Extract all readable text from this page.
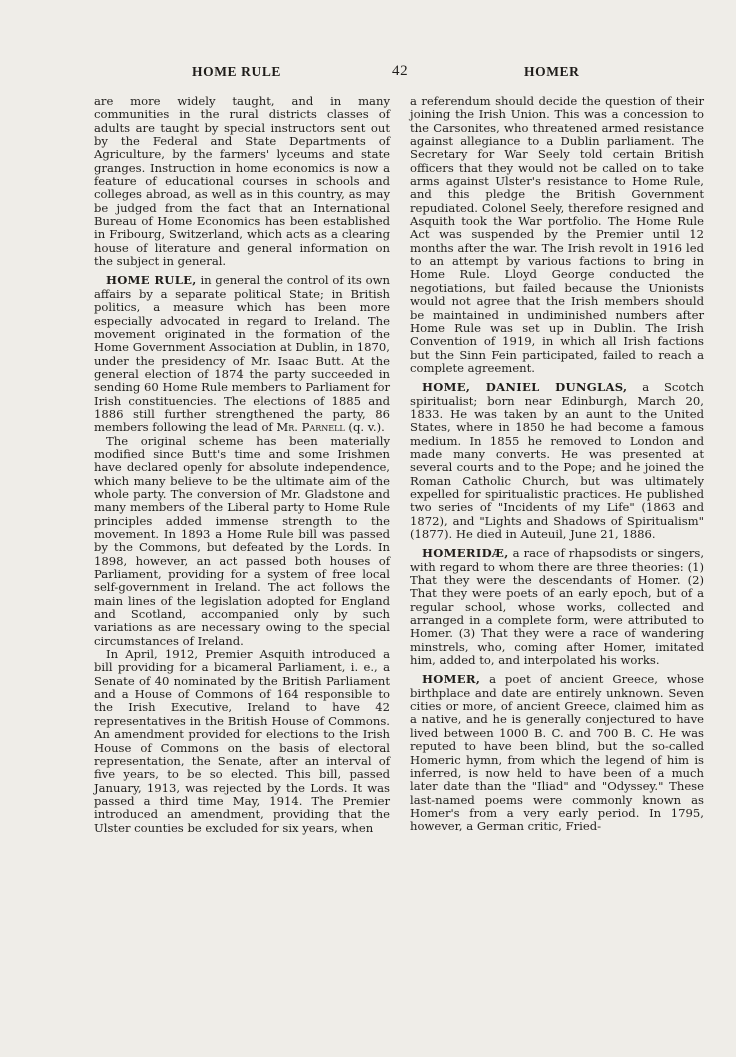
HOME RULE	42	HOMER

are more widely taught, and in many communities in the rural districts classes of adults are taught by special instructors sent out by the Federal and State Departments of Agriculture, by the farmers' lyceums and state granges. Instruction in home economics is now a feature of educational courses in schools and colleges abroad, as well as in this country, as may be judged from the fact that an International Bureau of Home Economics has been established in Fribourg, Switzerland, which acts as a clearing house of literature and general information on the subject in general.

HOME RULE, in general the control of its own affairs by a separate political State; in British politics, a measure which has been more especially advocated in regard to Ireland. The movement originated in the formation of the Home Government Association at Dublin, in 1870, under the presidency of Mr. Isaac Butt. At the general election of 1874 the party succeeded in sending 60 Home Rule members to Parliament for Irish constituencies. The elections of 1885 and 1886 still further strengthened the party, 86 members following the lead of Mr. Parnell (q. v.).

The original scheme has been materially modified since Butt's time and some Irishmen have declared openly for absolute independence, which many believe to be the ultimate aim of the whole party. The conversion of Mr. Gladstone and many members of the Liberal party to Home Rule principles added immense strength to the movement. In 1893 a Home Rule bill was passed by the Commons, but defeated by the Lords. In 1898, however, an act passed both houses of Parliament, providing for a system of free local self-government in Ireland. The act follows the main lines of the legislation adopted for England and Scotland, accompanied only by such variations as are necessary owing to the special circumstances of Ireland.

In April, 1912, Premier Asquith introduced a bill providing for a bicameral Parliament, i. e., a Senate of 40 nominated by the British Parliament and a House of Commons of 164 responsible to the Irish Executive, Ireland to have 42 representatives in the British House of Commons. An amendment provided for elections to the Irish House of Commons on the basis of electoral representation, the Senate, after an interval of five years, to be so elected. This bill, passed January, 1913, was rejected by the Lords. It was passed a third time May, 1914. The Premier introduced an amendment, providing that the Ulster counties be excluded for six years, when

a referendum should decide the question of their joining the Irish Union. This was a concession to the Carsonites, who threatened armed resistance against allegiance to a Dublin parliament. The Secretary for War Seely told certain British officers that they would not be called on to take arms against Ulster's resistance to Home Rule, and this pledge the British Government repudiated. Colonel Seely, therefore resigned and Asquith took the War portfolio. The Home Rule Act was suspended by the Premier until 12 months after the war. The Irish revolt in 1916 led to an attempt by various factions to bring in Home Rule. Lloyd George conducted the negotiations, but failed because the Unionists would not agree that the Irish members should be maintained in undiminished numbers after Home Rule was set up in Dublin. The Irish Convention of 1919, in which all Irish factions but the Sinn Fein participated, failed to reach a complete agreement.

HOME, DANIEL DUNGLAS, a Scotch spiritualist; born near Edinburgh, March 20, 1833. He was taken by an aunt to the United States, where in 1850 he had become a famous medium. In 1855 he removed to London and made many converts. He was presented at several courts and to the Pope; and he joined the Roman Catholic Church, but was ultimately expelled for spiritualistic practices. He published two series of "Incidents of my Life" (1863 and 1872), and "Lights and Shadows of Spiritualism" (1877). He died in Auteuil, June 21, 1886.

HOMERIDÆ, a race of rhapsodists or singers, with regard to whom there are three theories: (1) That they were the descendants of Homer. (2) That they were poets of an early epoch, but of a regular school, whose works, collected and arranged in a complete form, were attributed to Homer. (3) That they were a race of wandering minstrels, who, coming after Homer, imitated him, added to, and interpolated his works.

HOMER, a poet of ancient Greece, whose birthplace and date are entirely unknown. Seven cities or more, of ancient Greece, claimed him as a native, and he is generally conjectured to have lived between 1000 B. C. and 700 B. C. He was reputed to have been blind, but the so-called Homeric hymn, from which the legend of him is inferred, is now held to have been of a much later date than the "Iliad" and "Odyssey." These last-named poems were commonly known as Homer's from a very early period. In 1795, however, a German critic, Fried-
